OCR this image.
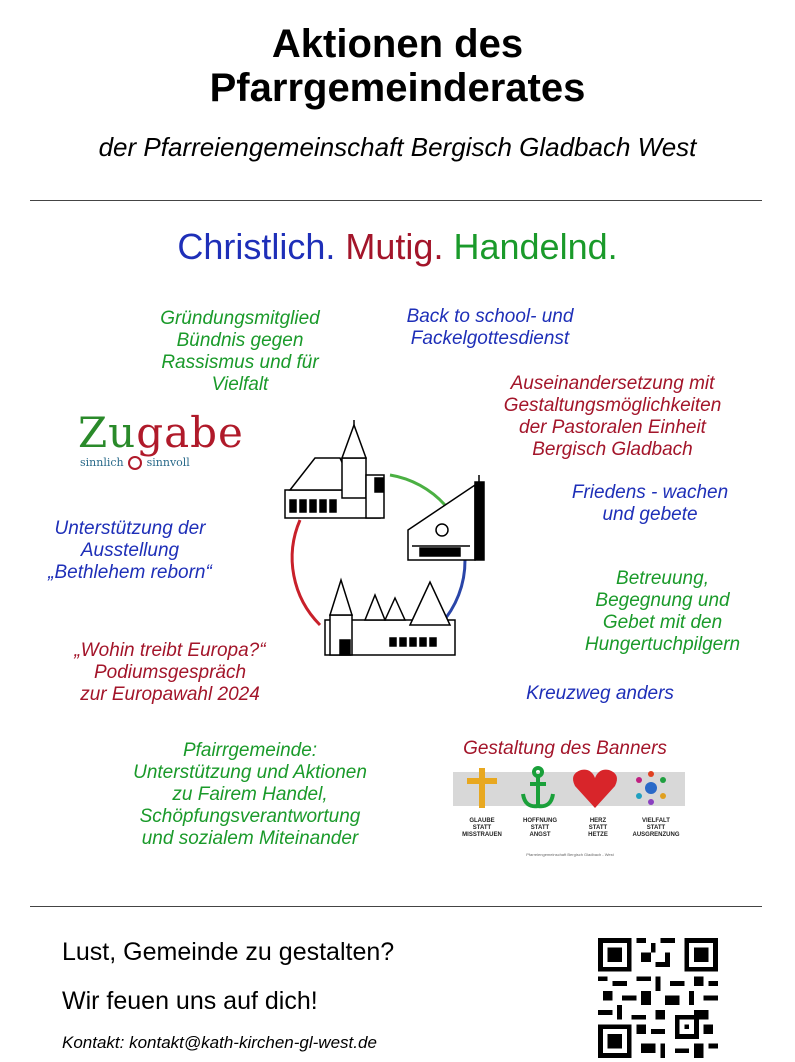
Aktionen des
Pfarrgemeinderates
der Pfarreiengemeinschaft Bergisch Gladbach West
Christlich. Mutig. Handelnd.
Gründungsmitglied
Bündnis gegen
Rassismus und für
Vielfalt
Back to school- und
Fackelgottesdienst
Auseinandersetzung mit
Gestaltungsmöglichkeiten
der Pastoralen Einheit
Bergisch Gladbach
Friedens - wachen
und gebete
Unterstützung der
Ausstellung
„Bethlehem reborn“	Betreuung,
Begegnung und
Gebet mit den
Hungertuchpilgern
„Wohin treibt Europa?“
Podiumsgespräch
zur Europawahl 2024	Kreuzweg anders
Pfairrgemeinde:
Unterstützung und Aktionen
zu Fairem Handel,
Schöpfungsverantwortung
und sozialem Miteinander
Zugabe
sinnlich sinnvoll
Gestaltung des Banners
GLAUBE
STATT
MISSTRAUEN
HOFFNUNG
STATT
ANGST
HERZ
STATT
HETZE
VIELFALT
STATT
AUSGRENZUNG
Pfarreiengemeinschaft Bergisch Gladbach - West
Lust, Gemeinde zu gestalten?
Wir feuen uns auf dich!
Kontakt: kontakt@kath-kirchen-gl-west.de
